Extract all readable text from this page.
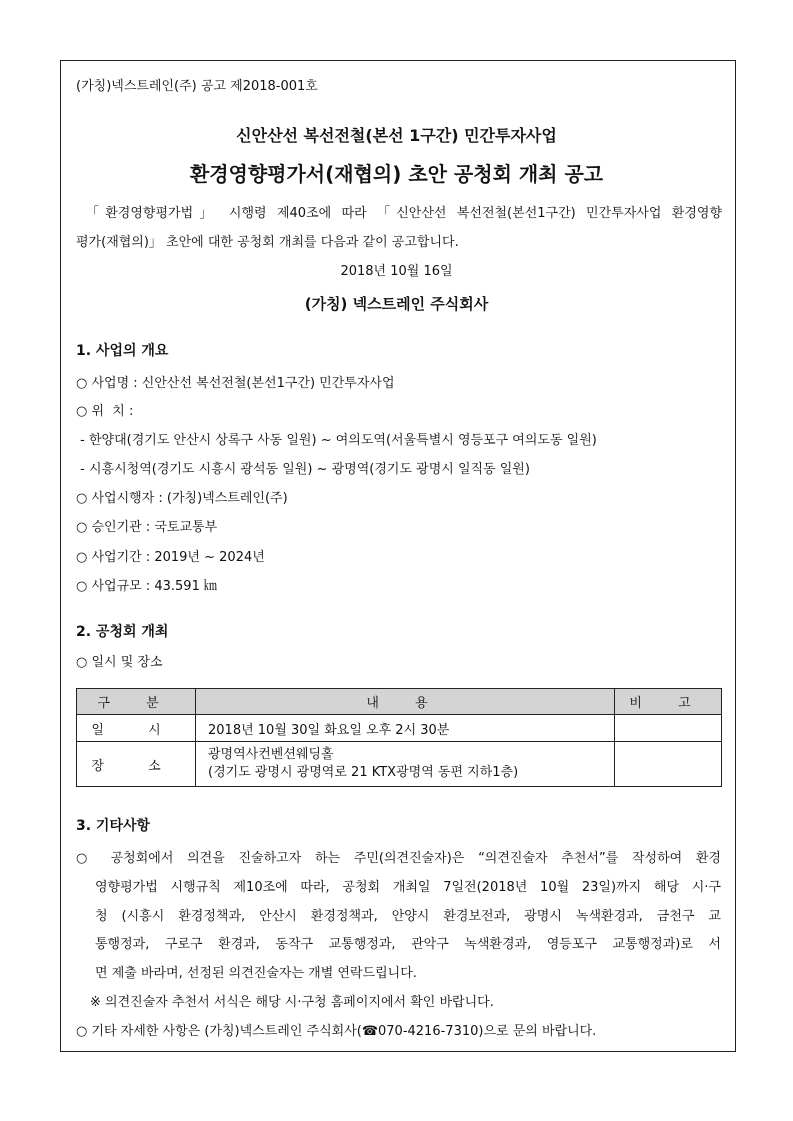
(가칭)넥스트레인(주) 공고 제2018-001호
신안산선 복선전철(본선 1구간) 민간투자사업
환경영향평가서(재협의) 초안 공청회 개최 공고
「환경영향평가법」 시행령 제40조에 따라 「신안산선 복선전철(본선1구간) 민간투자사업 환경영향
평가(재협의)」 초안에 대한 공청회 개최를 다음과 같이 공고합니다.
2018년 10월 16일
(가칭) 넥스트레인 주식회사
1. 사업의 개요
○ 사업명 : 신안산선 복선전철(본선1구간) 민간투자사업
○ 위  치 :
- 한양대(경기도 안산시 상록구 사동 일원) ~ 여의도역(서울특별시 영등포구 여의도동 일원)
- 시흥시청역(경기도 시흥시 광석동 일원) ~ 광명역(경기도 광명시 일직동 일원)
○ 사업시행자 : (가칭)넥스트레인(주)
○ 승인기관 : 국토교통부
○ 사업기간 : 2019년 ~ 2024년
○ 사업규모 : 43.591 ㎞
2. 공청회 개최
○ 일시 및 장소
구 분	내 용	비 고
일 시	2018년 10월 30일 화요일 오후 2시 30분	
장 소	광명역사컨벤션웨딩홀
(경기도 광명시 광명역로 21 KTX광명역 동편 지하1층)	

3. 기타사항
○ 공청회에서 의견을 진술하고자 하는 주민(의견진술자)은 “의견진술자 추천서”를 작성하여 환경
영향평가법 시행규칙 제10조에 따라, 공청회 개최일 7일전(2018년 10월 23일)까지 해당 시·구
청 (시흥시 환경정책과, 안산시 환경정책과, 안양시 환경보전과, 광명시 녹색환경과, 금천구 교
통행정과, 구로구 환경과, 동작구 교통행정과, 관악구 녹색환경과, 영등포구 교통행정과)로 서
면 제출 바라며, 선정된 의견진술자는 개별 연락드립니다.
※ 의견진술자 추천서 서식은 해당 시·구청 홈페이지에서 확인 바랍니다.
○ 기타 자세한 사항은 (가칭)넥스트레인 주식회사(☎070-4216-7310)으로 문의 바랍니다.
